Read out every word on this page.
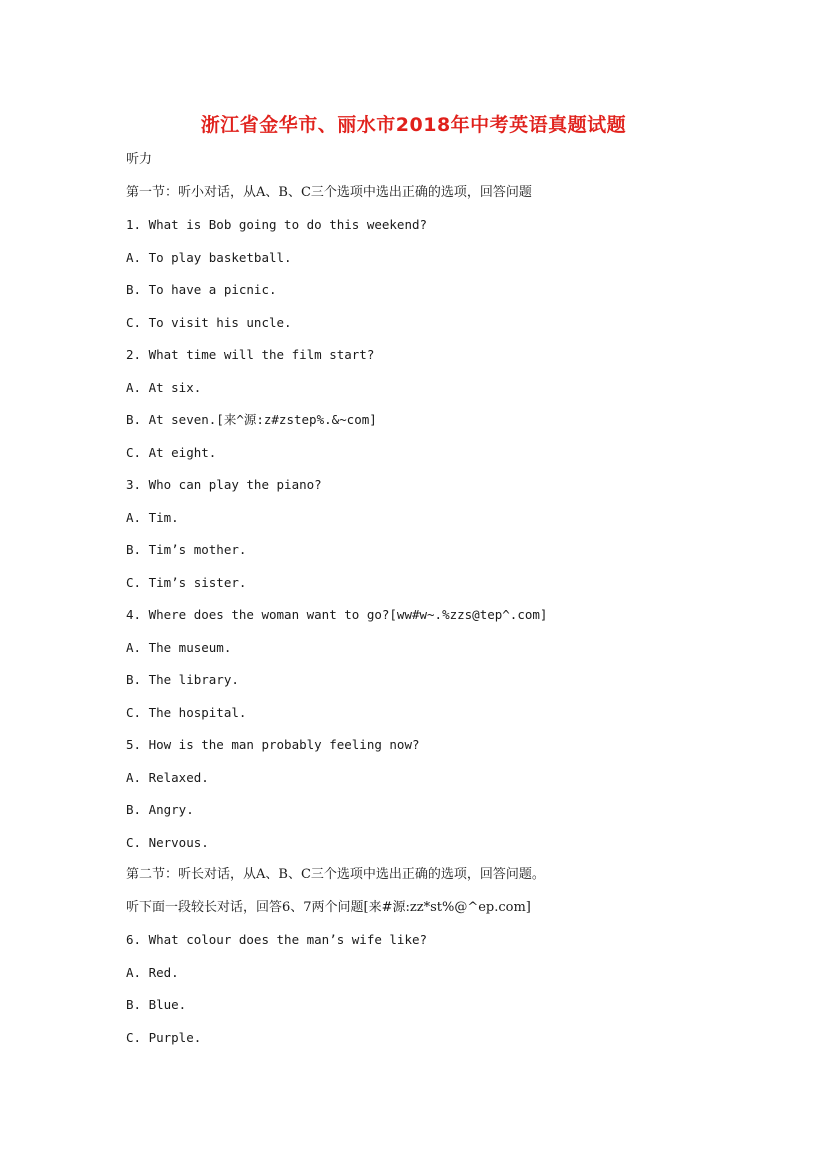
浙江省金华市、丽水市2018年中考英语真题试题
听力
第一节：听小对话，从A、B、C三个选项中选出正确的选项，回答问题
1. What is Bob going to do this weekend?
A. To play basketball.
B. To have a picnic.
C. To visit his uncle.
2. What time will the film start?
A. At six.
B. At seven.[来^源:z#zstep%.&~com]
C. At eight.
3. Who can play the piano?
A. Tim.
B. Tim’s mother.
C. Tim’s sister.
4. Where does the woman want to go?[ww#w~.%zzs@tep^.com]
A. The museum.
B. The library.
C. The hospital.
5. How is the man probably feeling now?
A. Relaxed.
B. Angry.
C. Nervous.
第二节：听长对话，从A、B、C三个选项中选出正确的选项，回答问题。
听下面一段较长对话，回答6、7两个问题[来#源:zz*st%@^ep.com]
6. What colour does the man’s wife like?
A. Red.
B. Blue.
C. Purple.
